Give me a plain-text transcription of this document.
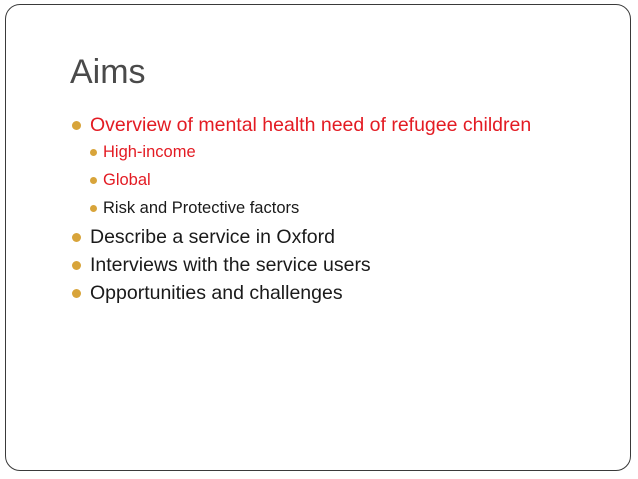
Aims
Overview of mental health need of refugee children
High-income
Global
Risk and Protective factors
Describe a service in Oxford
Interviews with the service users
Opportunities and challenges
